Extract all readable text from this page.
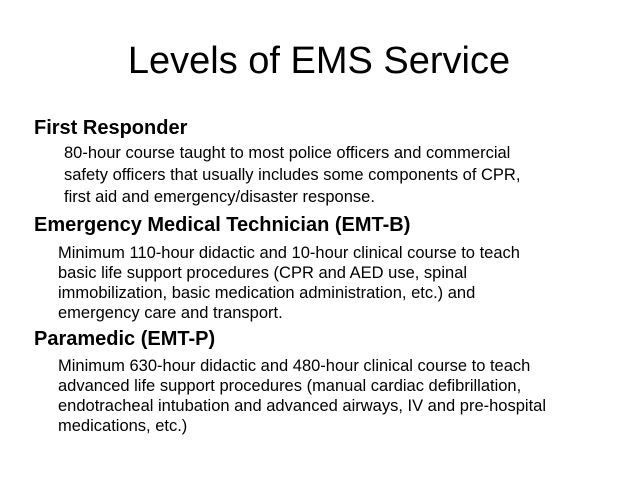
Levels of EMS Service
First Responder

80-hour course taught to most police officers and commercial
safety officers that usually includes some components of CPR,
first aid and emergency/disaster response.

Emergency Medical Technician (EMT-B)

Minimum 110-hour didactic and 10-hour clinical course to teach
basic life support procedures (CPR and AED use, spinal
immobilization, basic medication administration, etc.) and
emergency care and transport.

Paramedic (EMT-P)

Minimum 630-hour didactic and 480-hour clinical course to teach
advanced life support procedures (manual cardiac defibrillation,
endotracheal intubation and advanced airways, IV and pre-hospital
medications, etc.)
